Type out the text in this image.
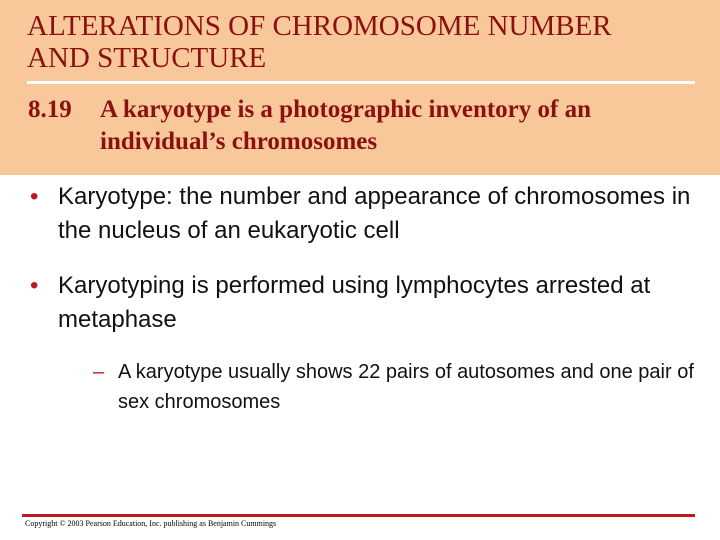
ALTERATIONS OF CHROMOSOME NUMBER
AND STRUCTURE
8.19 A karyotype is a photographic inventory of an
individual’s chromosomes
• Karyotype: the number and appearance of chromosomes in the nucleus of an eukaryotic cell
• Karyotyping is performed using lymphocytes arrested at metaphase
– A karyotype usually shows 22 pairs of autosomes and one pair of sex chromosomes
Copyright © 2003 Pearson Education, Inc. publishing as Benjamin Cummings
